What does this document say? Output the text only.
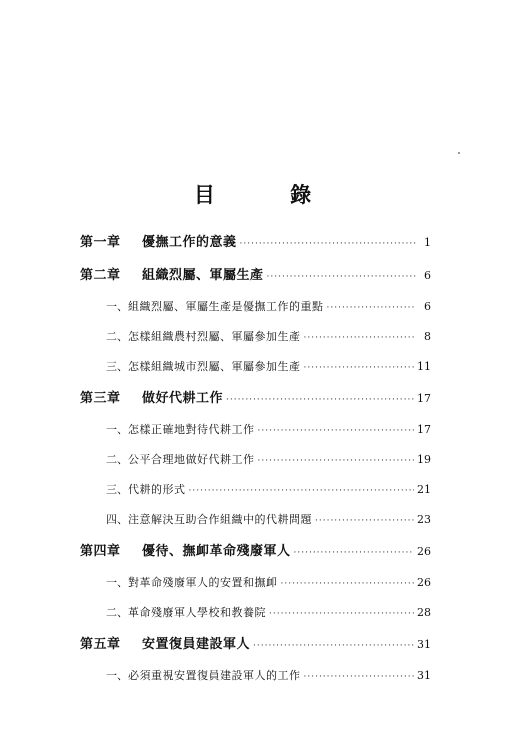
目 錄
第一章	優撫工作的意義 ·····	1
第二章	組織烈屬、軍屬生產 ·····	6
一、 組織烈屬、軍屬生產是優撫工作的重點 ·····	6
二、 怎樣組織農村烈屬、軍屬參加生產 ·····	8
三、 怎樣組織城市烈屬、軍屬參加生產 ·····	11
第三章	做好代耕工作 ·····	17
一、 怎樣正確地對待代耕工作 ·····	17
二、 公平合理地做好代耕工作 ·····	19
三、 代耕的形式 ·····	21
四、 注意解決互助合作組織中的代耕問題 ·····	23
第四章	優待、撫卹革命殘廢軍人 ·····	26
一、 對革命殘廢軍人的安置和撫卹 ·····	26
二、 革命殘廢軍人學校和教養院 ·····	28
第五章	安置復員建設軍人 ·····	31
一、 必須重視安置復員建設軍人的工作 ·····	31
